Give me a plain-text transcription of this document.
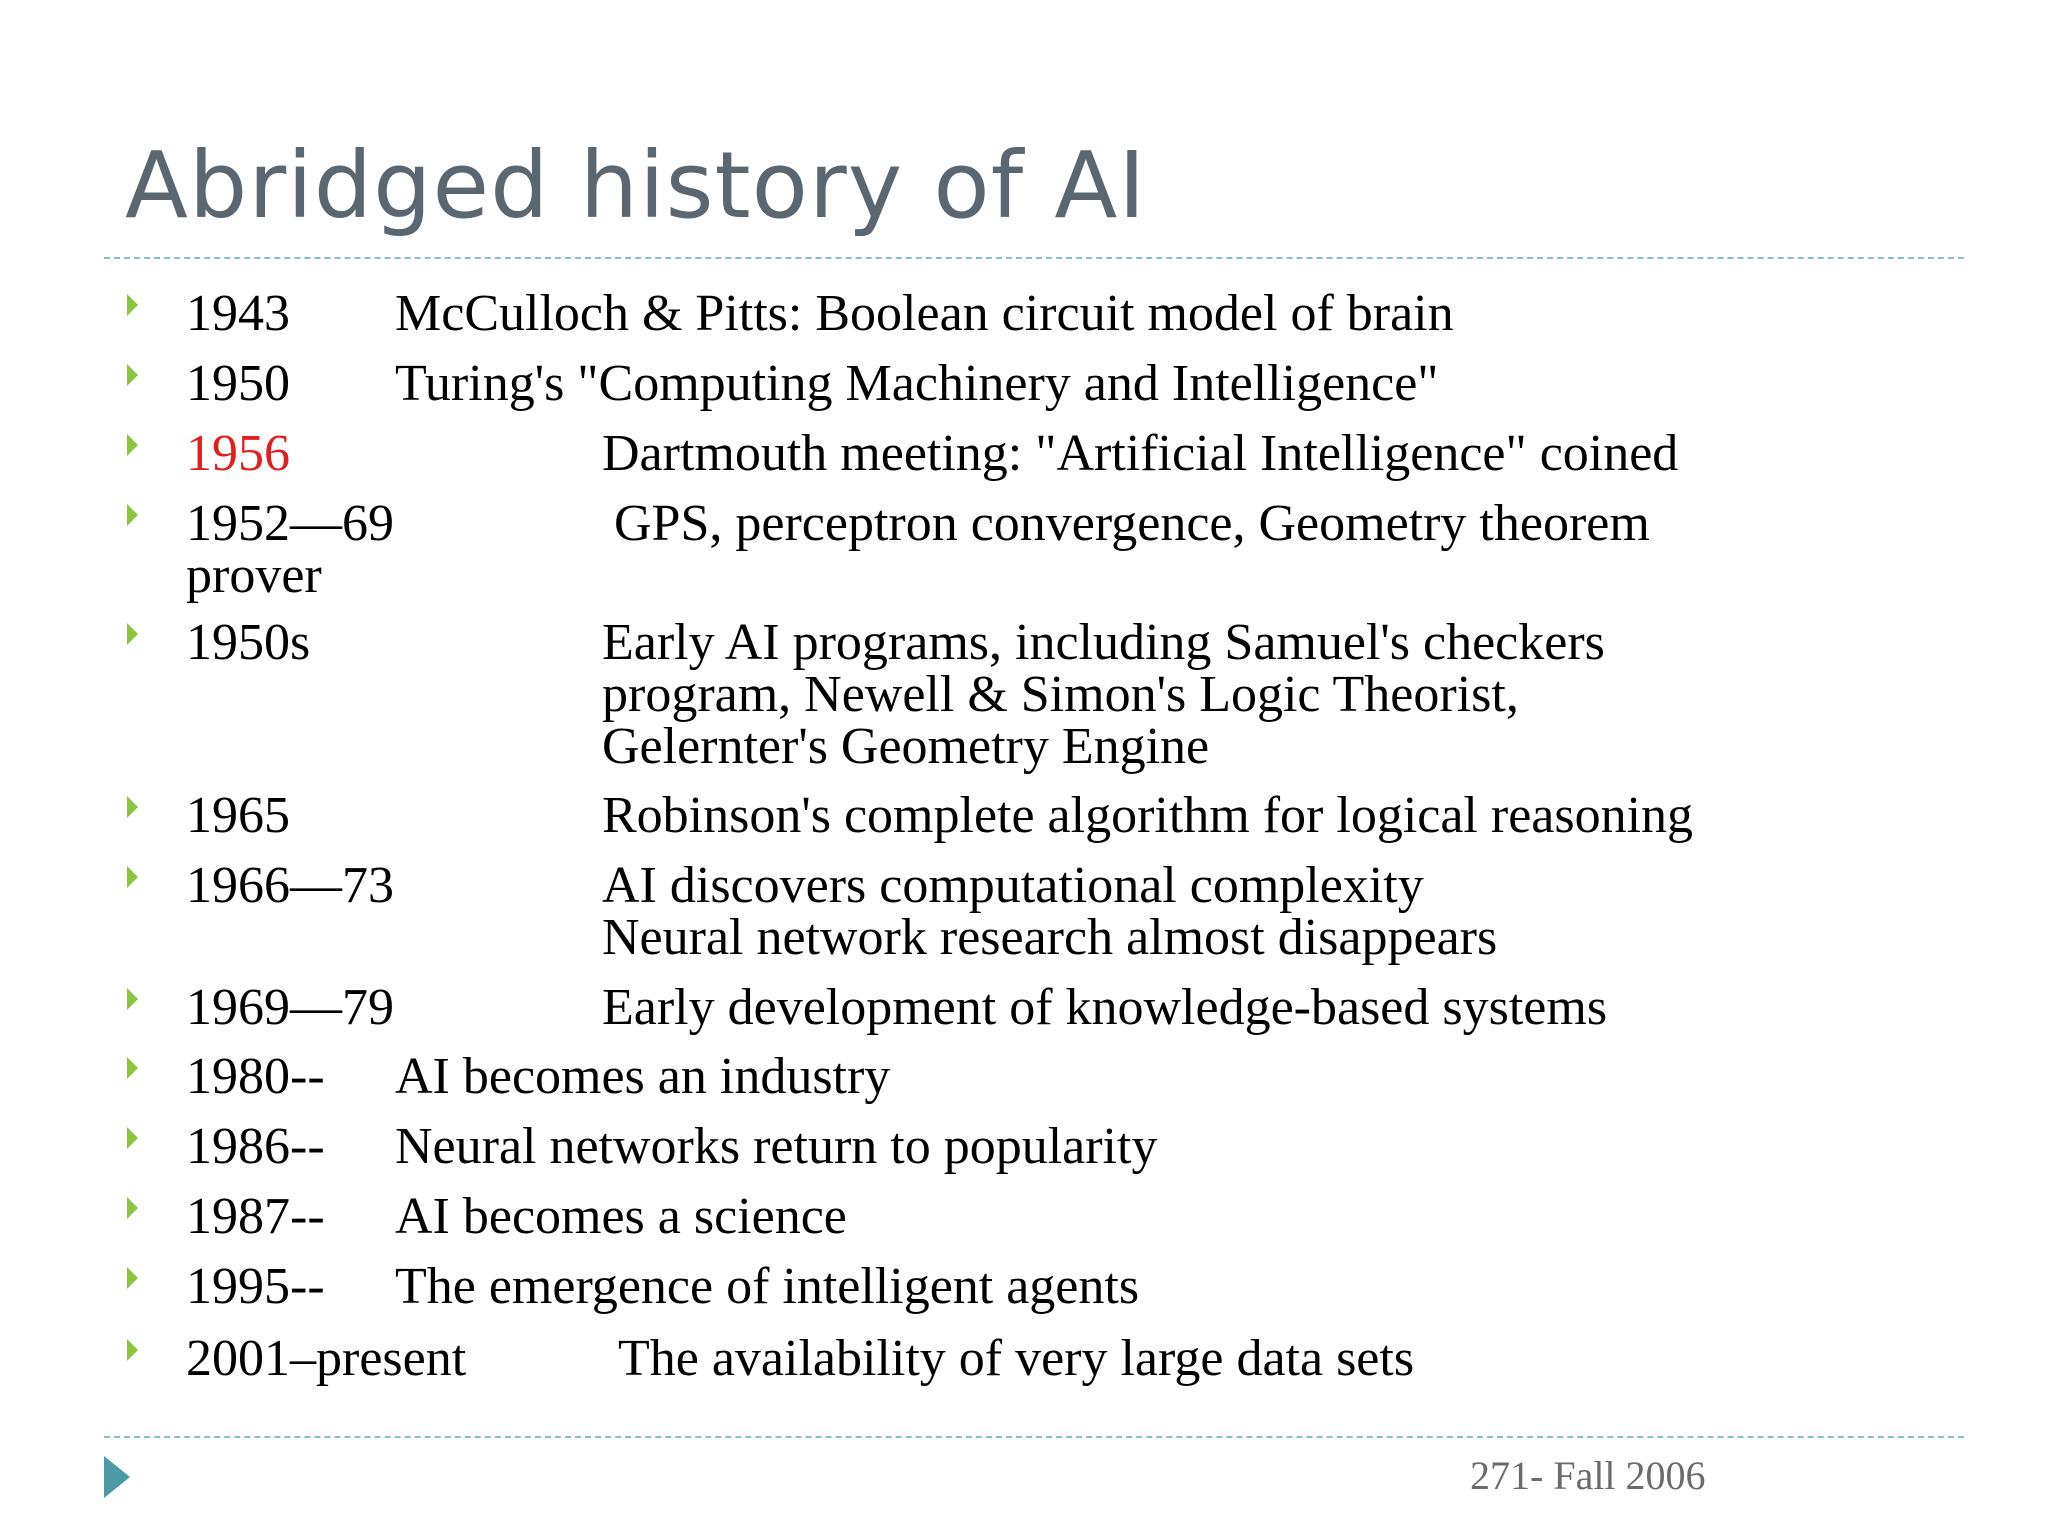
Abridged history of AI
1943 McCulloch & Pitts: Boolean circuit model of brain
1950 Turing's "Computing Machinery and Intelligence"
1956	Dartmouth meeting: "Artificial Intelligence" coined
1952—69	GPS, perceptron convergence, Geometry theorem
prover
1950s	Early AI programs, including Samuel's checkers
program, Newell & Simon's Logic Theorist,
Gelernter's Geometry Engine
1965	Robinson's complete algorithm for logical reasoning
1966—73	AI discovers computational complexity
Neural network research almost disappears
1969—79	Early development of knowledge-based systems
1980-- AI becomes an industry
1986-- Neural networks return to popularity
1987-- AI becomes a science
1995-- The emergence of intelligent agents
2001–present	The availability of very large data sets
271- Fall 2006
